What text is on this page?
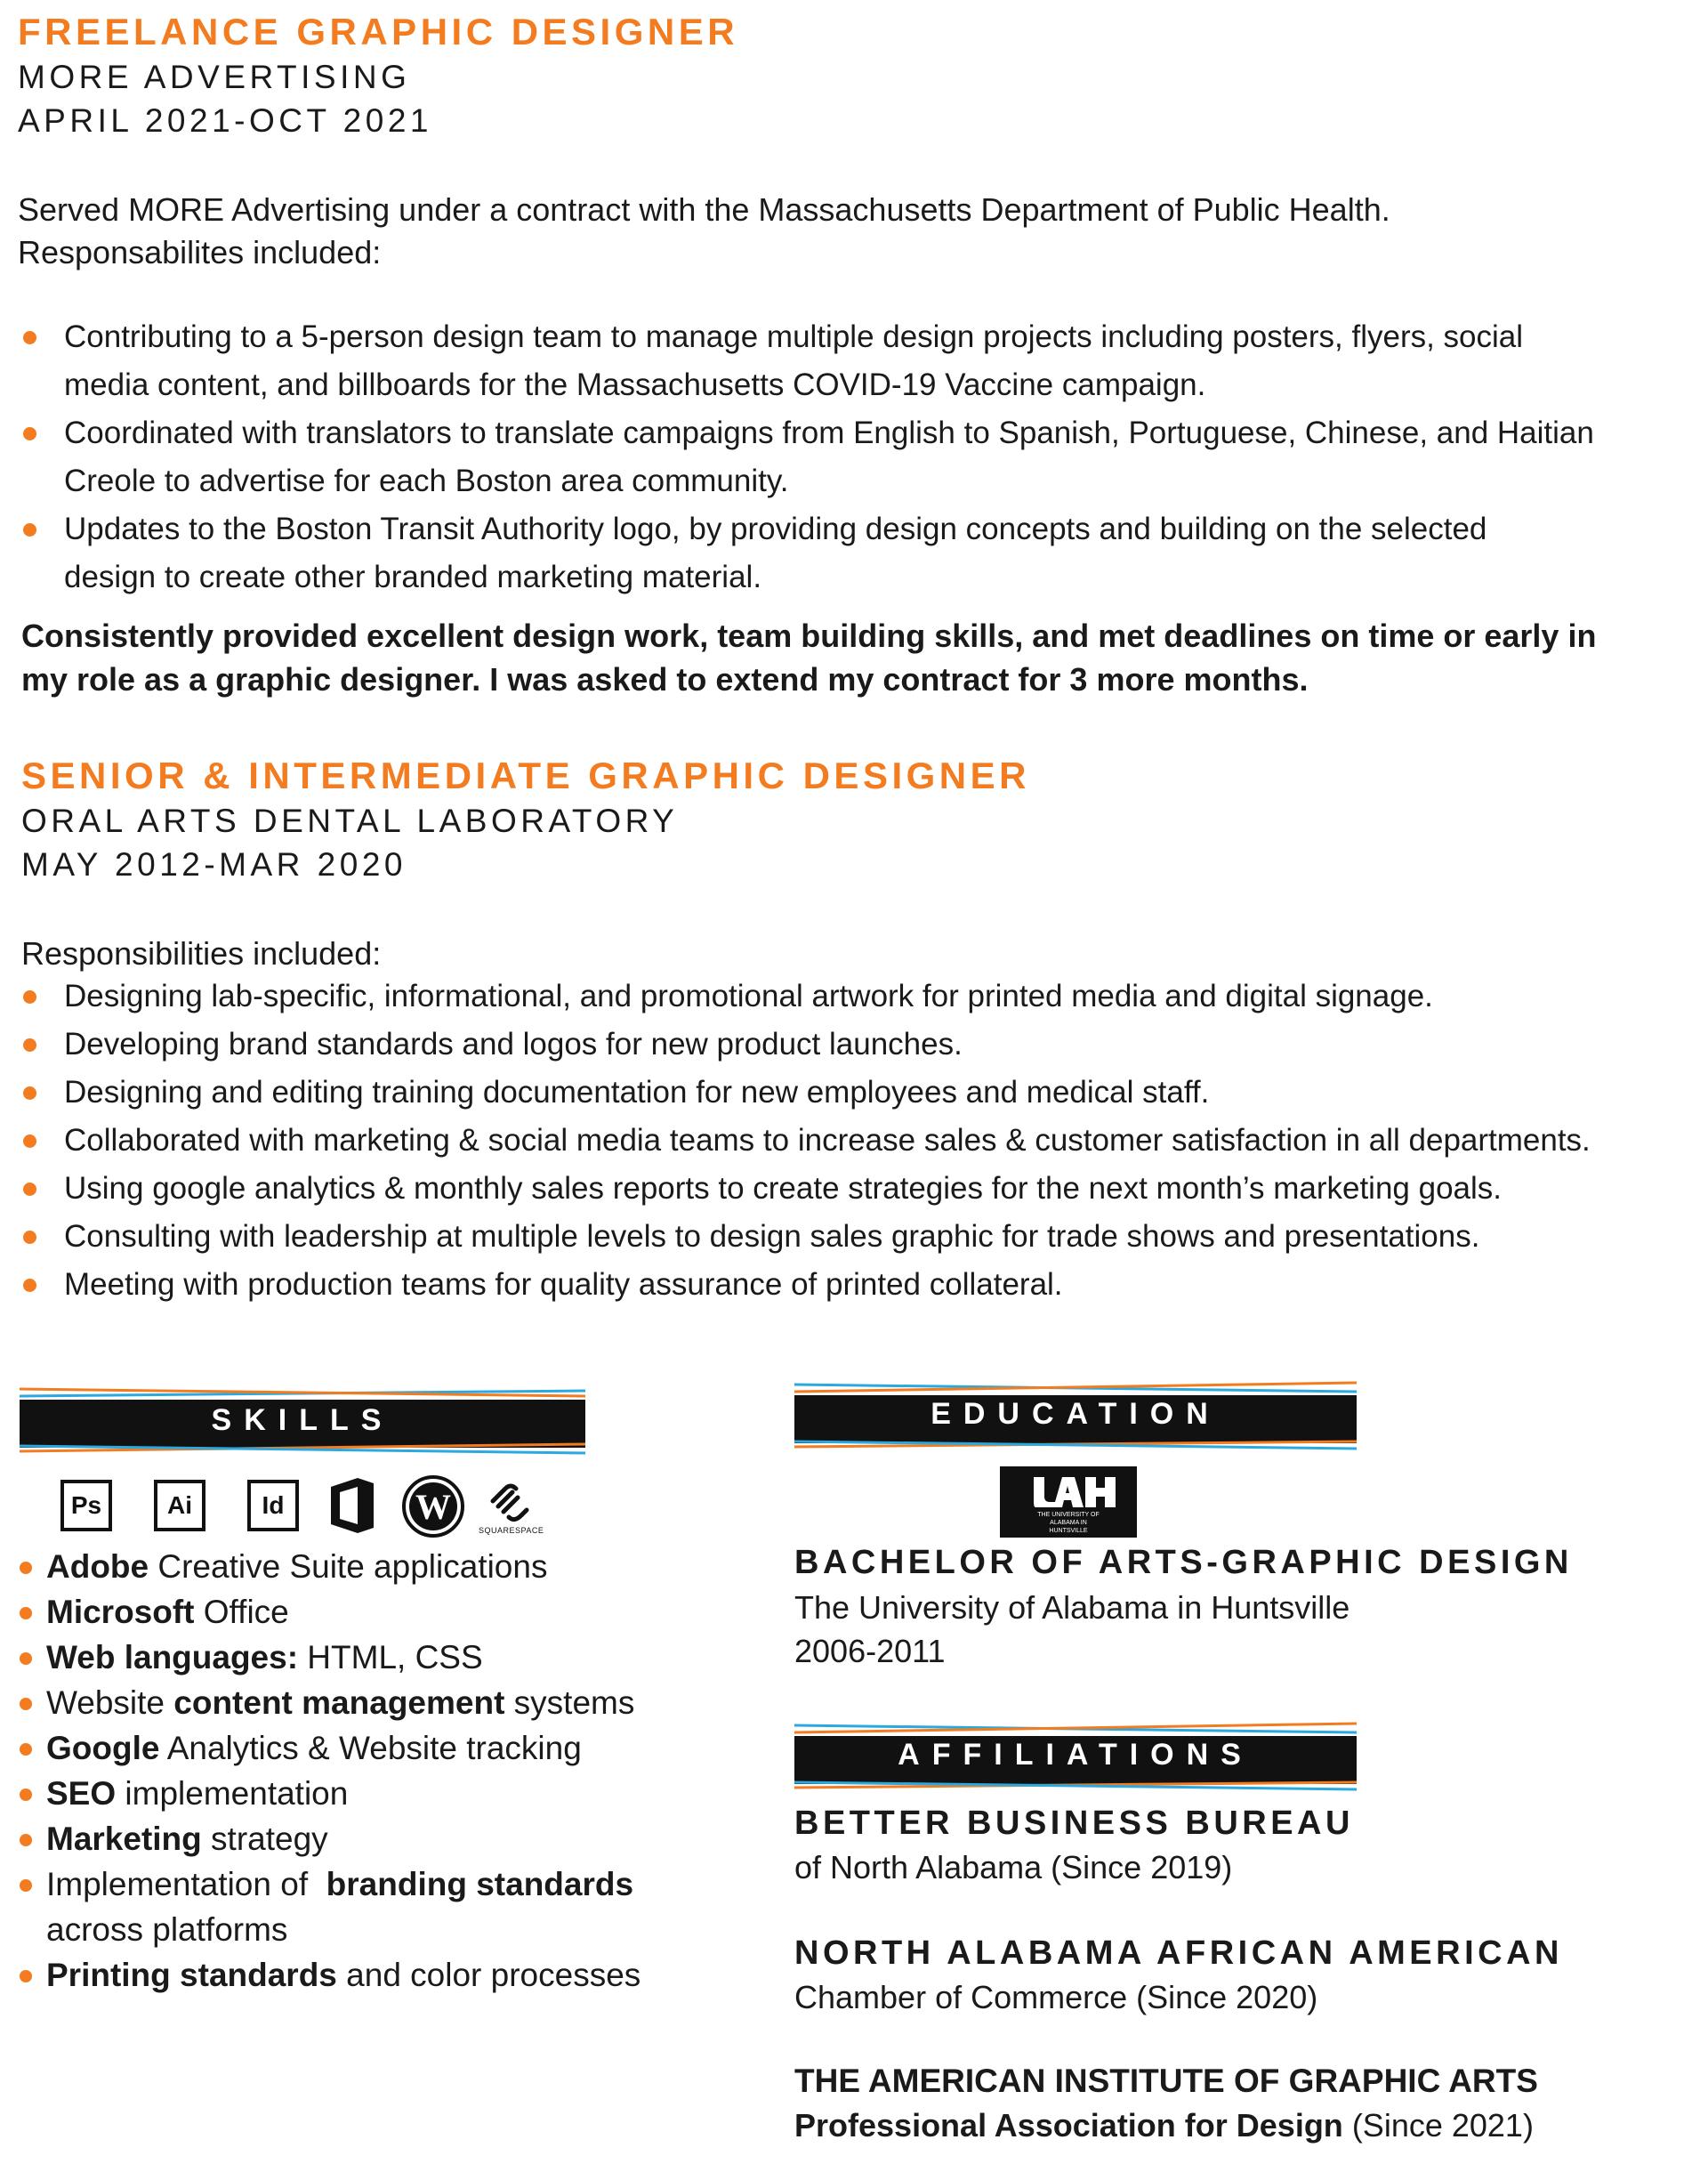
FREELANCE GRAPHIC DESIGNER
MORE ADVERTISING
APRIL 2021-OCT 2021
Served MORE Advertising under a contract with the Massachusetts Department of Public Health.
Responsabilites included:
Contributing to a 5-person design team to manage multiple design projects including posters, flyers, social
media content, and billboards for the Massachusetts COVID-19 Vaccine campaign.
Coordinated with translators to translate campaigns from English to Spanish, Portuguese, Chinese, and Haitian
Creole to advertise for each Boston area community.
Updates to the Boston Transit Authority logo, by providing design concepts and building on the selected
design to create other branded marketing material.
Consistently provided excellent design work, team building skills, and met deadlines on time or early in
my role as a graphic designer. I was asked to extend my contract for 3 more months.
SENIOR & INTERMEDIATE GRAPHIC DESIGNER
ORAL ARTS DENTAL LABORATORY
MAY 2012-MAR 2020
Responsibilities included:
Designing lab-specific, informational, and promotional artwork for printed media and digital signage.
Developing brand standards and logos for new product launches.
Designing and editing training documentation for new employees and medical staff.
Collaborated with marketing & social media teams to increase sales & customer satisfaction in all departments.
Using google analytics & monthly sales reports to create strategies for the next month’s marketing goals.
Consulting with leadership at multiple levels to design sales graphic for trade shows and presentations.
Meeting with production teams for quality assurance of printed collateral.
SKILLS
Ps	Ai	Id	W
SQUARESPACE
Adobe Creative Suite applications
Microsoft Office
Web languages: HTML, CSS
Website content management systems
Google Analytics & Website tracking
SEO implementation
Marketing strategy
Implementation of  branding standards
across platforms
Printing standards and color processes
EDUCATION
THE UNIVERSITY OF ALABAMA IN HUNTSVILLE
BACHELOR OF ARTS-GRAPHIC DESIGN
The University of Alabama in Huntsville
2006-2011
AFFILIATIONS
BETTER BUSINESS BUREAU
of North Alabama (Since 2019)
NORTH ALABAMA AFRICAN AMERICAN
Chamber of Commerce (Since 2020)
THE AMERICAN INSTITUTE OF GRAPHIC ARTS
Professional Association for Design (Since 2021)
